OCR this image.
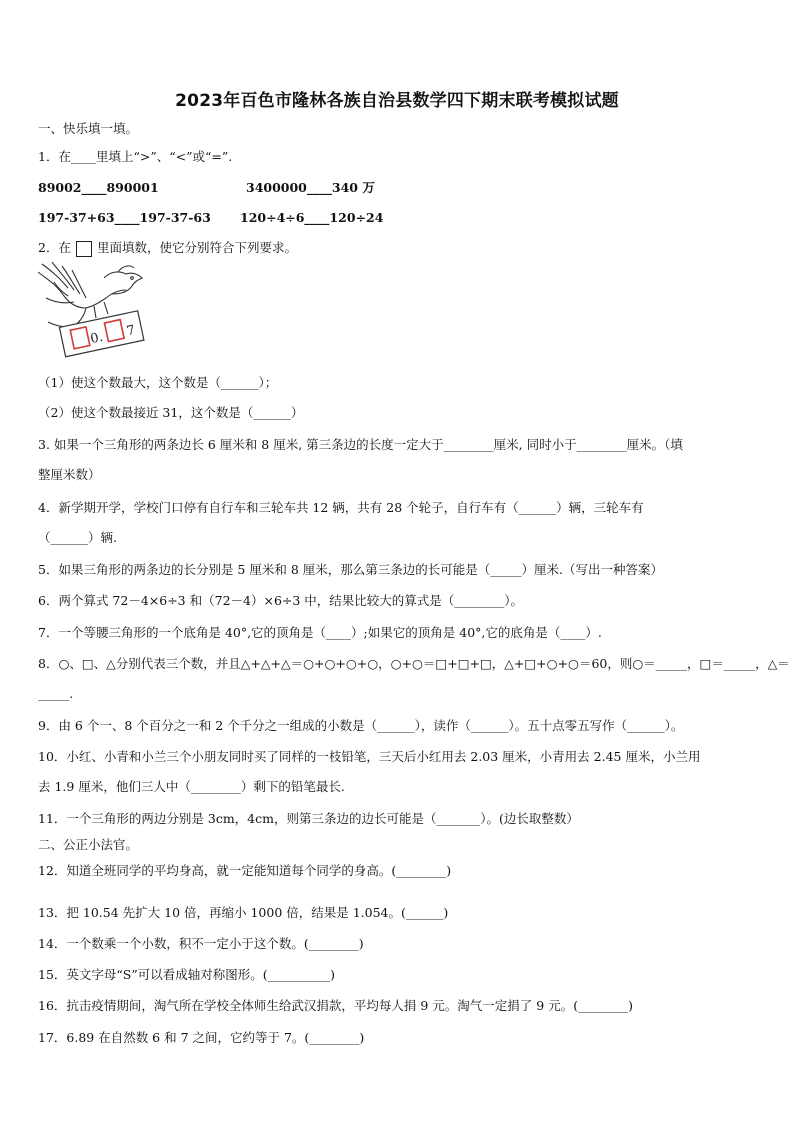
2023年百色市隆林各族自治县数学四下期末联考模拟试题
一、快乐填一填。
1．在____里填上“>”、“<”或“=”.
89002____890001	3400000____340 万
197-37+63____197-37-63 120÷4÷6____120÷24
2．在 里面填数，使它分别符合下列要求。
0. 7
（1）使这个数最大，这个数是（______）；
（2）使这个数最接近 31，这个数是（______）
3. 如果一个三角形的两条边长 6 厘米和 8 厘米, 第三条边的长度一定大于________厘米, 同时小于________厘米。（填
整厘米数）
4．新学期开学，学校门口停有自行车和三轮车共 12 辆，共有 28 个轮子，自行车有（______）辆，三轮车有
（______）辆.
5．如果三角形的两条边的长分别是 5 厘米和 8 厘米，那么第三条边的长可能是（_____）厘米.（写出一种答案）
6．两个算式 72－4×6÷3 和（72－4）×6÷3 中，结果比较大的算式是（________）。
7．一个等腰三角形的一个底角是 40°,它的顶角是（____）;如果它的顶角是 40°,它的底角是（____）.
8．○、□、△分别代表三个数，并且△+△+△＝○+○+○+○，○+○＝□+□+□，△+□+○+○＝60，则○＝_____，□＝_____，△＝
_____.
9．由 6 个一、8 个百分之一和 2 个千分之一组成的小数是（______），读作（______）。五十点零五写作（______）。
10．小红、小青和小兰三个小朋友同时买了同样的一枝铅笔，三天后小红用去 2.03 厘米，小青用去 2.45 厘米，小兰用
去 1.9 厘米，他们三人中（________）剩下的铅笔最长.
11．一个三角形的两边分别是 3cm，4cm，则第三条边的边长可能是（_______）。(边长取整数）
二、公正小法官。
12．知道全班同学的平均身高，就一定能知道每个同学的身高。(________)
13．把 10.54 先扩大 10 倍，再缩小 1000 倍，结果是 1.054。(______)
14．一个数乘一个小数，积不一定小于这个数。(________)
15．英文字母“S”可以看成轴对称图形。(__________)
16．抗击疫情期间，淘气所在学校全体师生给武汉捐款，平均每人捐 9 元。淘气一定捐了 9 元。(________)
17．6.89 在自然数 6 和 7 之间，它约等于 7。(________)
